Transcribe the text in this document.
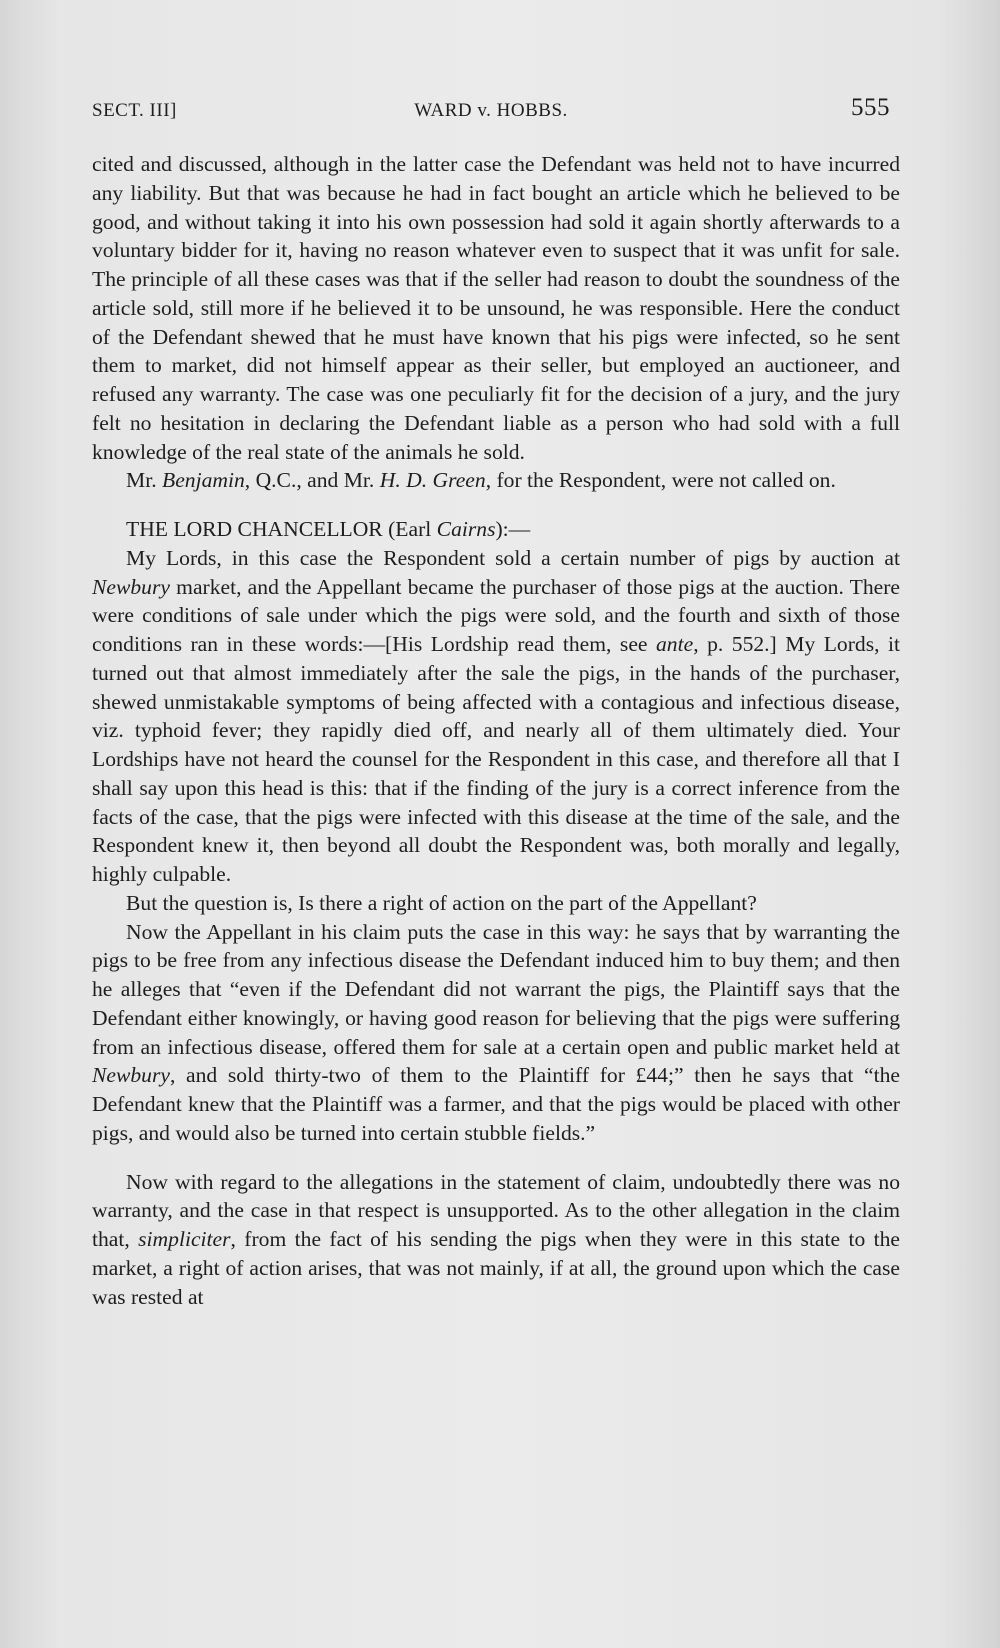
SECT. III]	WARD v. HOBBS.	555

cited and discussed, although in the latter case the Defendant was held not to have incurred any liability. But that was because he had in fact bought an article which he believed to be good, and without taking it into his own possession had sold it again shortly afterwards to a voluntary bidder for it, having no reason whatever even to suspect that it was unfit for sale. The principle of all these cases was that if the seller had reason to doubt the soundness of the article sold, still more if he believed it to be unsound, he was responsible. Here the conduct of the Defendant shewed that he must have known that his pigs were infected, so he sent them to market, did not himself appear as their seller, but employed an auctioneer, and refused any warranty. The case was one peculiarly fit for the decision of a jury, and the jury felt no hesitation in declaring the Defendant liable as a person who had sold with a full knowledge of the real state of the animals he sold.

Mr. Benjamin, Q.C., and Mr. H. D. Green, for the Respondent, were not called on.

THE LORD CHANCELLOR (Earl Cairns):—

My Lords, in this case the Respondent sold a certain number of pigs by auction at Newbury market, and the Appellant became the purchaser of those pigs at the auction. There were conditions of sale under which the pigs were sold, and the fourth and sixth of those conditions ran in these words:—[His Lordship read them, see ante, p. 552.] My Lords, it turned out that almost immediately after the sale the pigs, in the hands of the purchaser, shewed unmistakable symptoms of being affected with a contagious and infectious disease, viz. typhoid fever; they rapidly died off, and nearly all of them ultimately died. Your Lordships have not heard the counsel for the Respondent in this case, and therefore all that I shall say upon this head is this: that if the finding of the jury is a correct inference from the facts of the case, that the pigs were infected with this disease at the time of the sale, and the Respondent knew it, then beyond all doubt the Respondent was, both morally and legally, highly culpable.

But the question is, Is there a right of action on the part of the Appellant?

Now the Appellant in his claim puts the case in this way: he says that by warranting the pigs to be free from any infectious disease the Defendant induced him to buy them; and then he alleges that “even if the Defendant did not warrant the pigs, the Plaintiff says that the Defendant either knowingly, or having good reason for believing that the pigs were suffering from an infectious disease, offered them for sale at a certain open and public market held at Newbury, and sold thirty-two of them to the Plaintiff for £44;” then he says that “the Defendant knew that the Plaintiff was a farmer, and that the pigs would be placed with other pigs, and would also be turned into certain stubble fields.”

Now with regard to the allegations in the statement of claim, undoubtedly there was no warranty, and the case in that respect is unsupported. As to the other allegation in the claim that, simpliciter, from the fact of his sending the pigs when they were in this state to the market, a right of action arises, that was not mainly, if at all, the ground upon which the case was rested at
